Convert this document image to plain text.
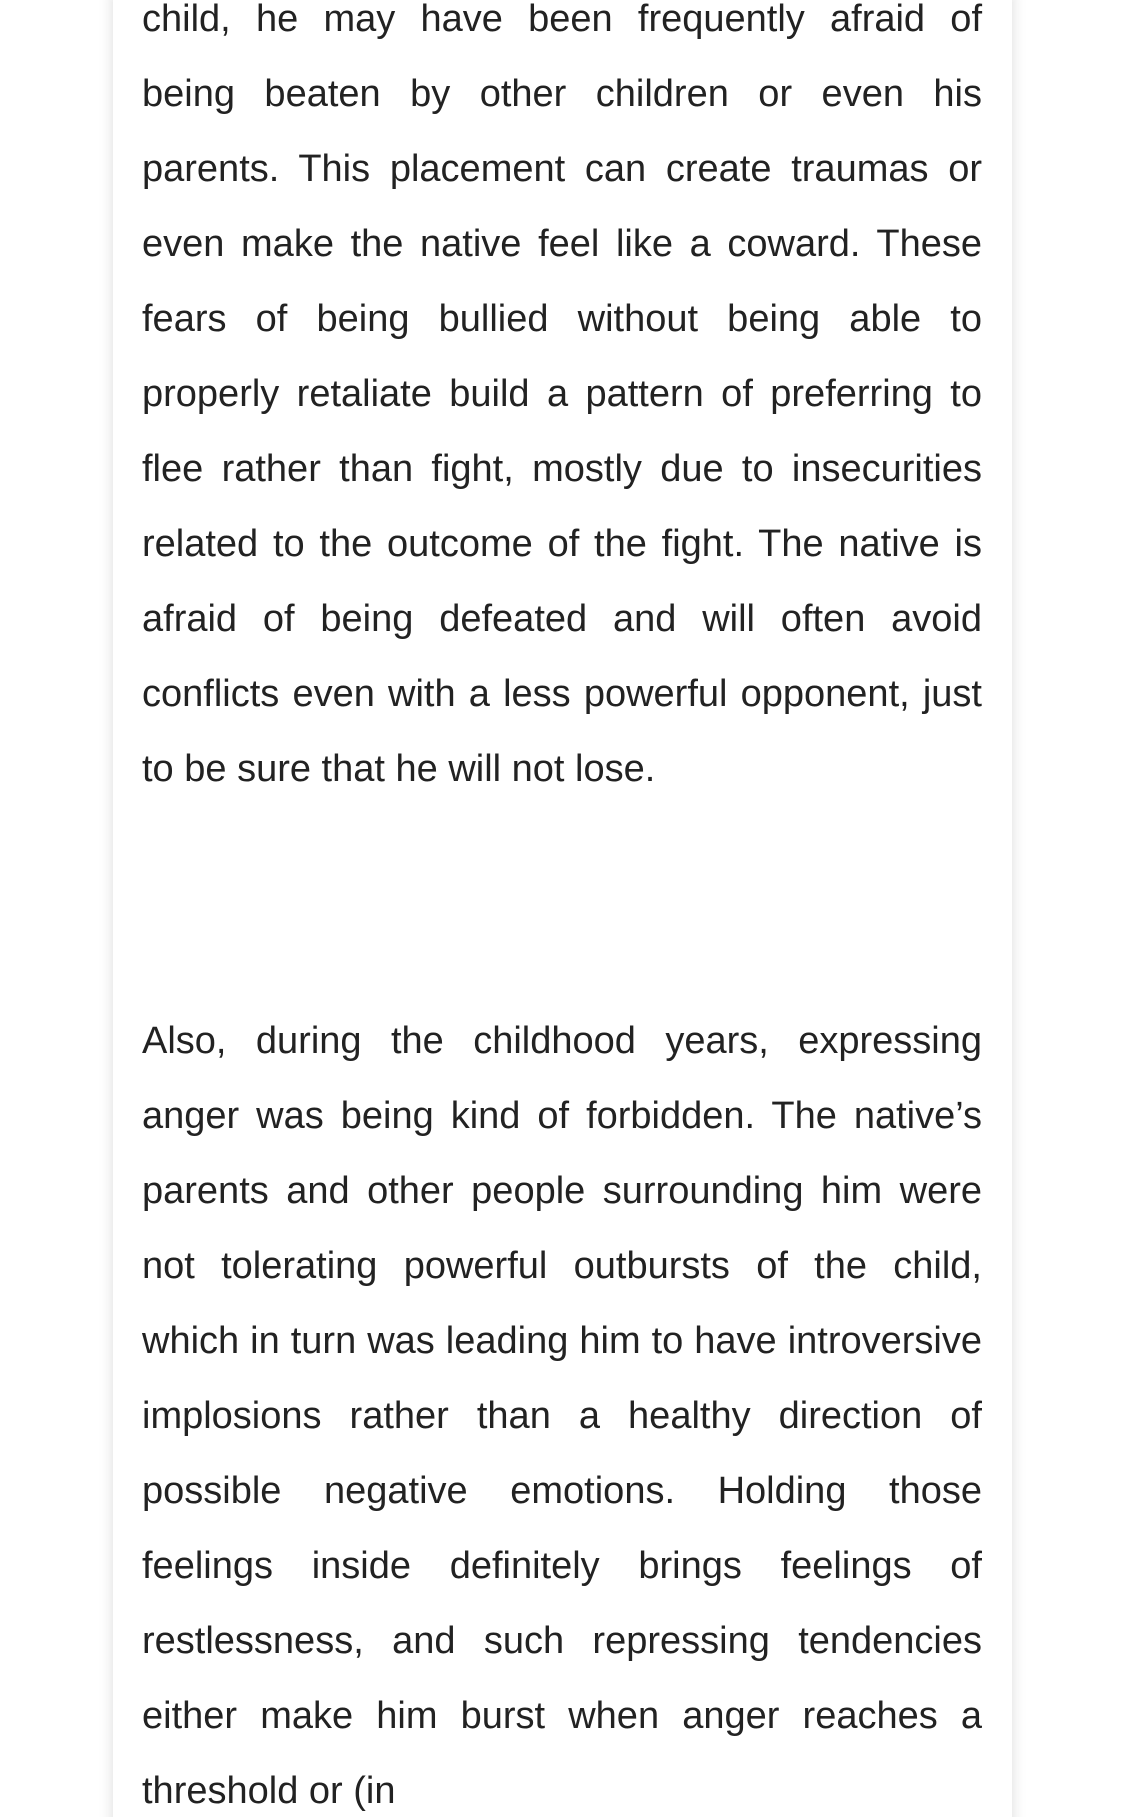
child, he may have been frequently afraid of being beaten by other children or even his parents. This placement can create traumas or even make the native feel like a coward. These fears of being bullied without being able to properly retaliate build a pattern of preferring to flee rather than fight, mostly due to insecurities related to the outcome of the fight. The native is afraid of being defeated and will often avoid conflicts even with a less powerful opponent, just to be sure that he will not lose.

Also, during the childhood years, expressing anger was being kind of forbidden. The native’s parents and other people surrounding him were not tolerating powerful outbursts of the child, which in turn was leading him to have introversive implosions rather than a healthy direction of possible negative emotions. Holding those feelings inside definitely brings feelings of restlessness, and such repressing tendencies either make him burst when anger reaches a threshold or (in
